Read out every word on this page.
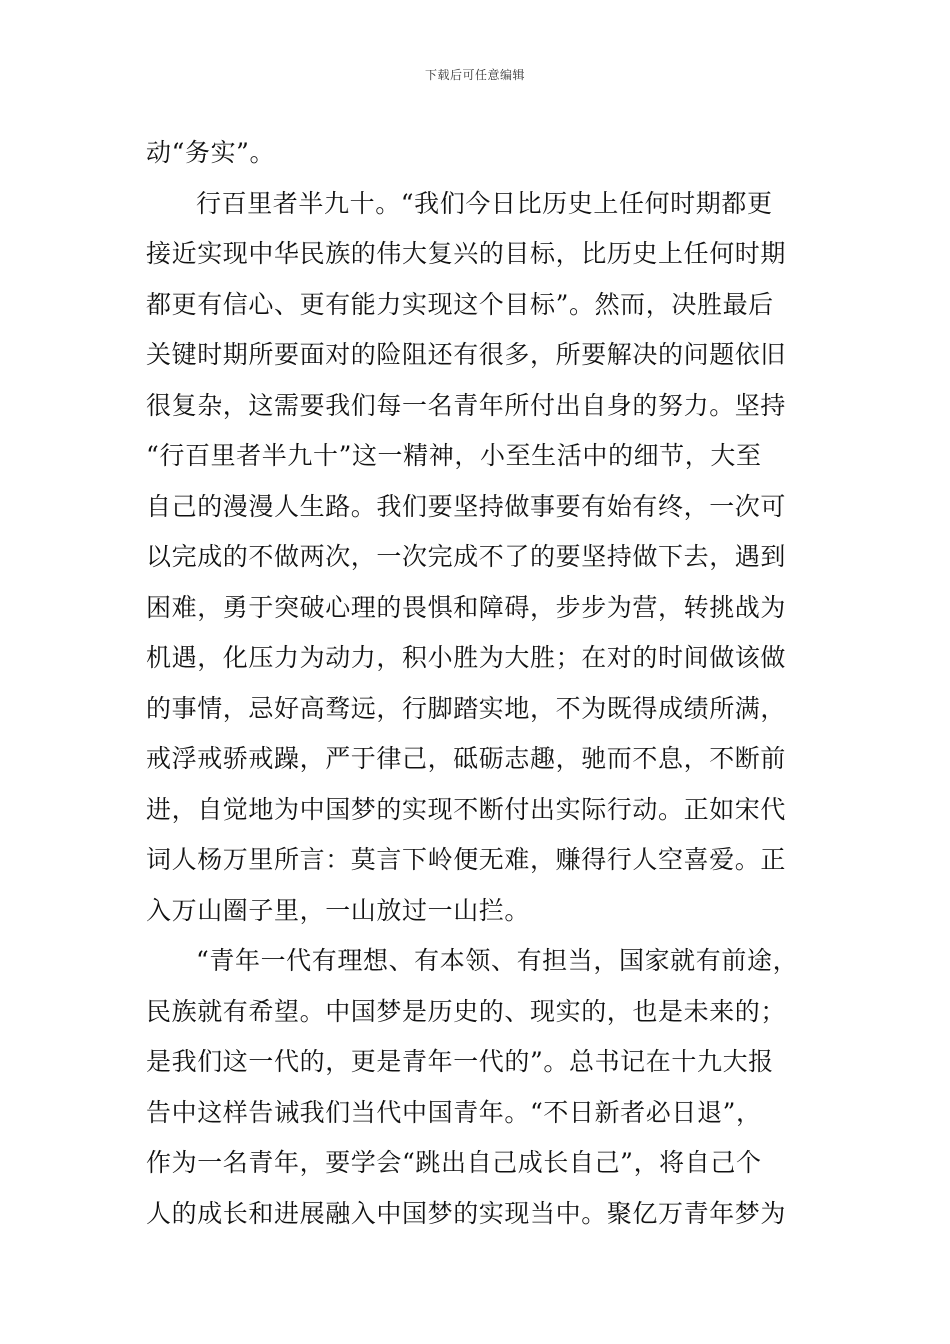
下载后可任意编辑
动“务实”。
行百里者半九十。“我们今日比历史上任何时期都更
接近实现中华民族的伟大复兴的目标，比历史上任何时期
都更有信心、更有能力实现这个目标”。然而，决胜最后
关键时期所要面对的险阻还有很多，所要解决的问题依旧
很复杂，这需要我们每一名青年所付出自身的努力。坚持
“行百里者半九十”这一精神，小至生活中的细节，大至
自己的漫漫人生路。我们要坚持做事要有始有终，一次可
以完成的不做两次，一次完成不了的要坚持做下去，遇到
困难，勇于突破心理的畏惧和障碍，步步为营，转挑战为
机遇，化压力为动力，积小胜为大胜；在对的时间做该做
的事情，忌好高骛远，行脚踏实地，不为既得成绩所满，
戒浮戒骄戒躁，严于律己，砥砺志趣，驰而不息，不断前
进，自觉地为中国梦的实现不断付出实际行动。正如宋代
词人杨万里所言：莫言下岭便无难，赚得行人空喜爱。正
入万山圈子里，一山放过一山拦。
“青年一代有理想、有本领、有担当，国家就有前途，
民族就有希望。中国梦是历史的、现实的，也是未来的；
是我们这一代的，更是青年一代的”。总书记在十九大报
告中这样告诫我们当代中国青年。“不日新者必日退”，
作为一名青年，要学会“跳出自己成长自己”，将自己个
人的成长和进展融入中国梦的实现当中。聚亿万青年梦为
